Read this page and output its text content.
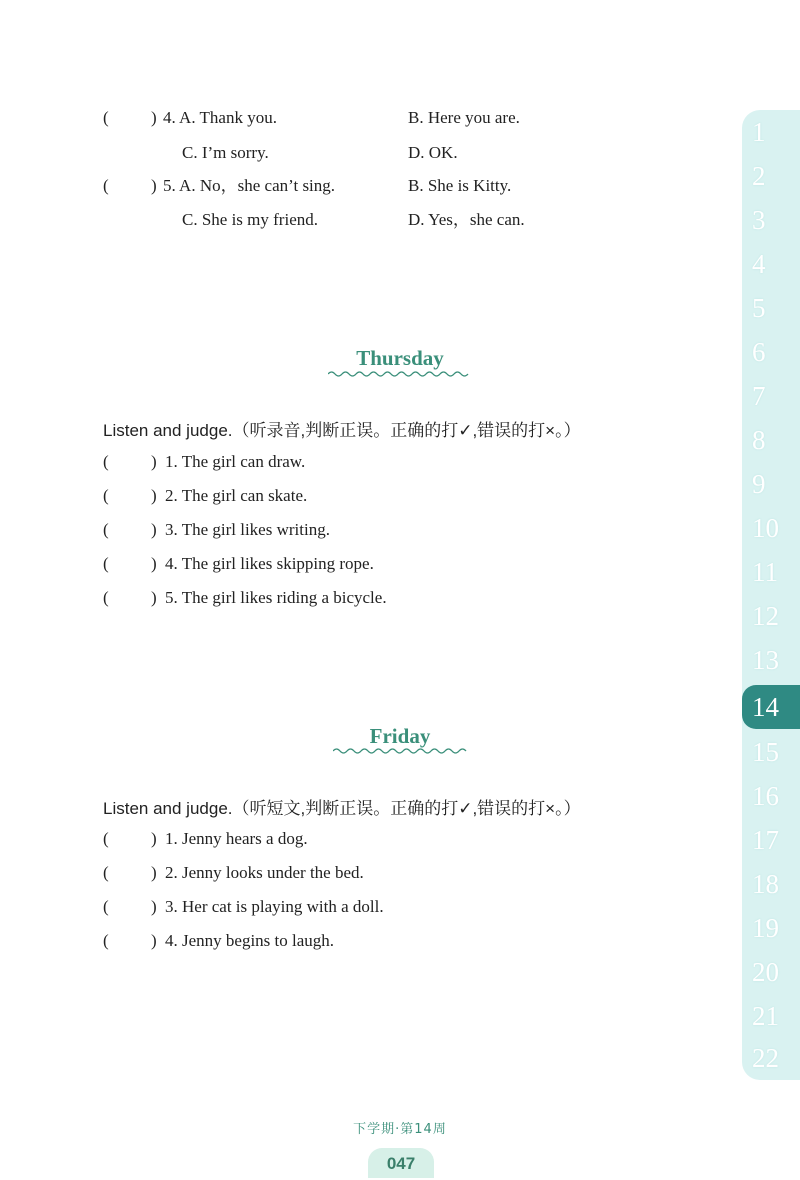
( ) 4. A. Thank you.	B. Here you are.
C. I’m sorry.	D. OK.
( ) 5. A. No，she can’t sing.	B. She is Kitty.
C. She is my friend.	D. Yes，she can.
Thursday
Listen and judge.（听录音,判断正误。正确的打✓,错误的打×。）
( ) 1. The girl can draw.
( ) 2. The girl can skate.
( ) 3. The girl likes writing.
( ) 4. The girl likes skipping rope.
( ) 5. The girl likes riding a bicycle.
Friday
Listen and judge.（听短文,判断正误。正确的打✓,错误的打×。）
( ) 1. Jenny hears a dog.
( ) 2. Jenny looks under the bed.
( ) 3. Her cat is playing with a doll.
( ) 4. Jenny begins to laugh.
1
2
3
4
5
6
7
8
9
10
11
12
13
14
15
16
17
18
19
20
21
22
下学期·第14周
047
